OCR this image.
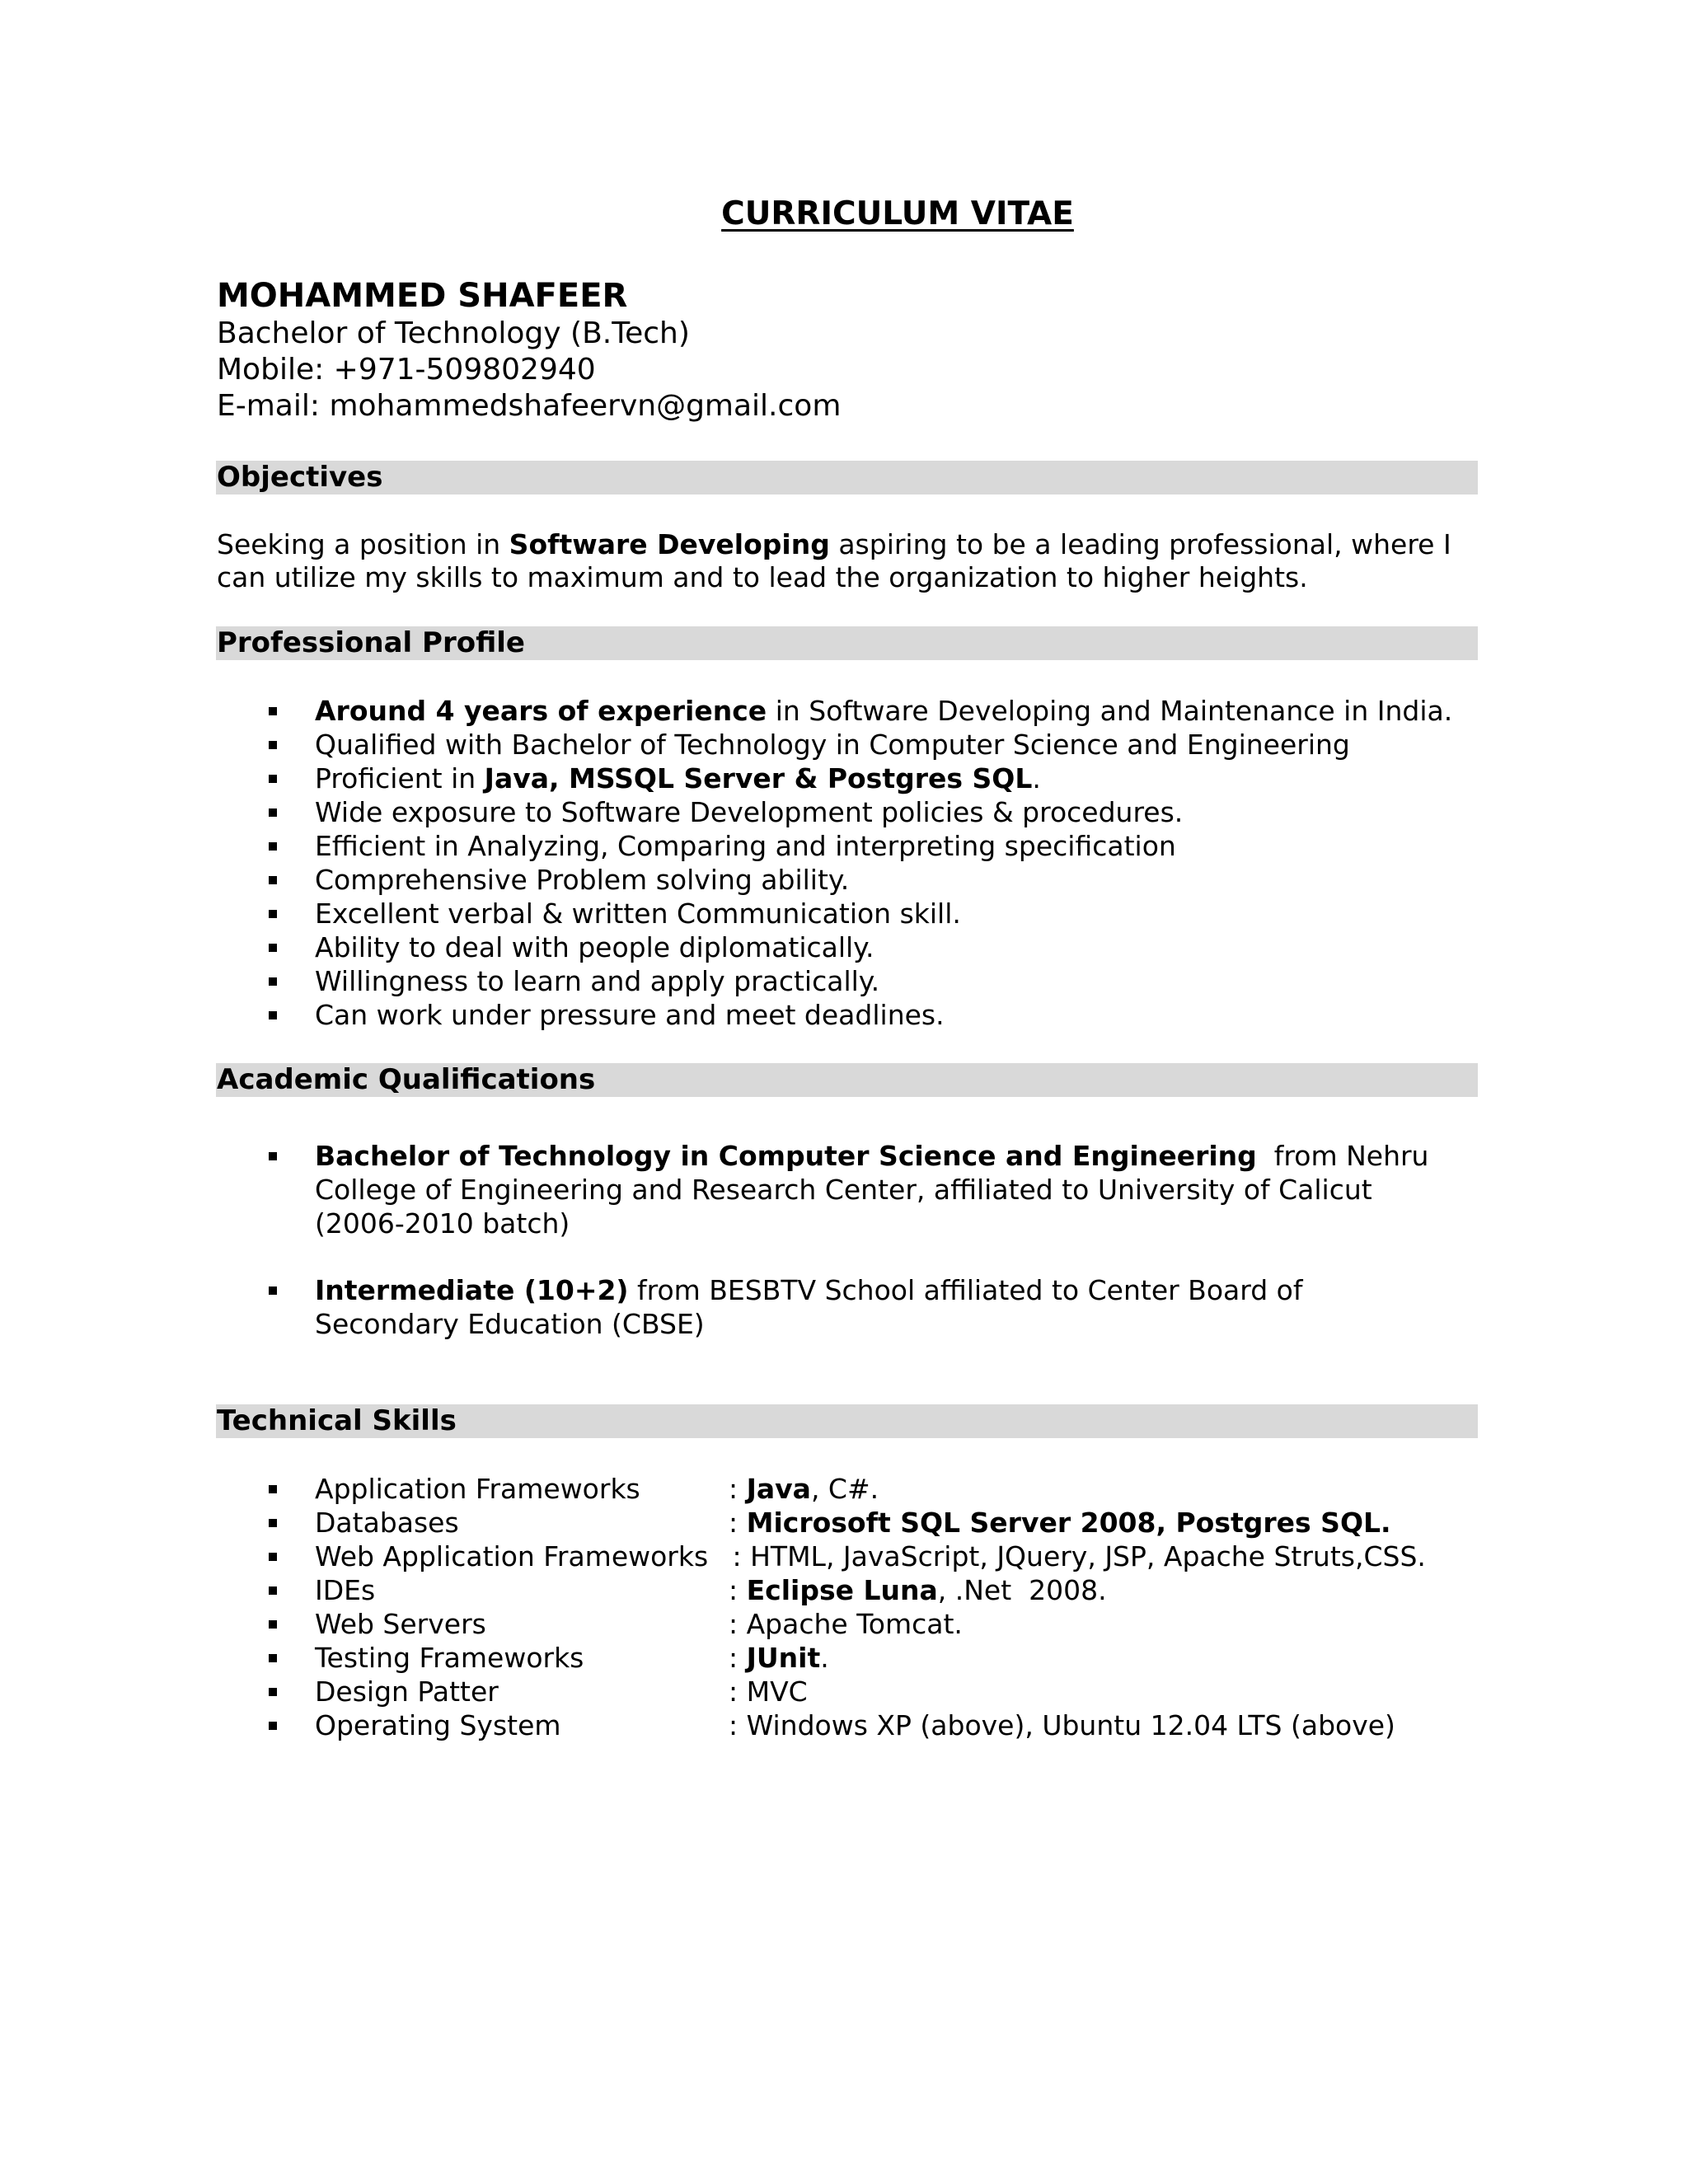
CURRICULUM VITAE
MOHAMMED SHAFEER
Bachelor of Technology (B.Tech)
Mobile: +971-509802940
E-mail: mohammedshafeervn@gmail.com
Objectives
Seeking a position in Software Developing aspiring to be a leading professional, where I
can utilize my skills to maximum and to lead the organization to higher heights.
Professional Profile
Around 4 years of experience in Software Developing and Maintenance in India.
Qualified with Bachelor of Technology in Computer Science and Engineering
Proficient in Java, MSSQL Server & Postgres SQL.
Wide exposure to Software Development policies & procedures.
Efficient in Analyzing, Comparing and interpreting specification
Comprehensive Problem solving ability.
Excellent verbal & written Communication skill.
Ability to deal with people diplomatically.
Willingness to learn and apply practically.
Can work under pressure and meet deadlines.
Academic Qualifications
Bachelor of Technology in Computer Science and Engineering  from Nehru
College of Engineering and Research Center, affiliated to University of Calicut
(2006-2010 batch)
Intermediate (10+2) from BESBTV School affiliated to Center Board of
Secondary Education (CBSE)
Technical Skills
Application Frameworks	: Java, C#.
Databases	: Microsoft SQL Server 2008, Postgres SQL.
Web Application Frameworks : HTML, JavaScript, JQuery, JSP, Apache Struts,CSS.
IDEs	: Eclipse Luna, .Net  2008.
Web Servers	: Apache Tomcat.
Testing Frameworks	: JUnit.
Design Patter	: MVC
Operating System	: Windows XP (above), Ubuntu 12.04 LTS (above)
